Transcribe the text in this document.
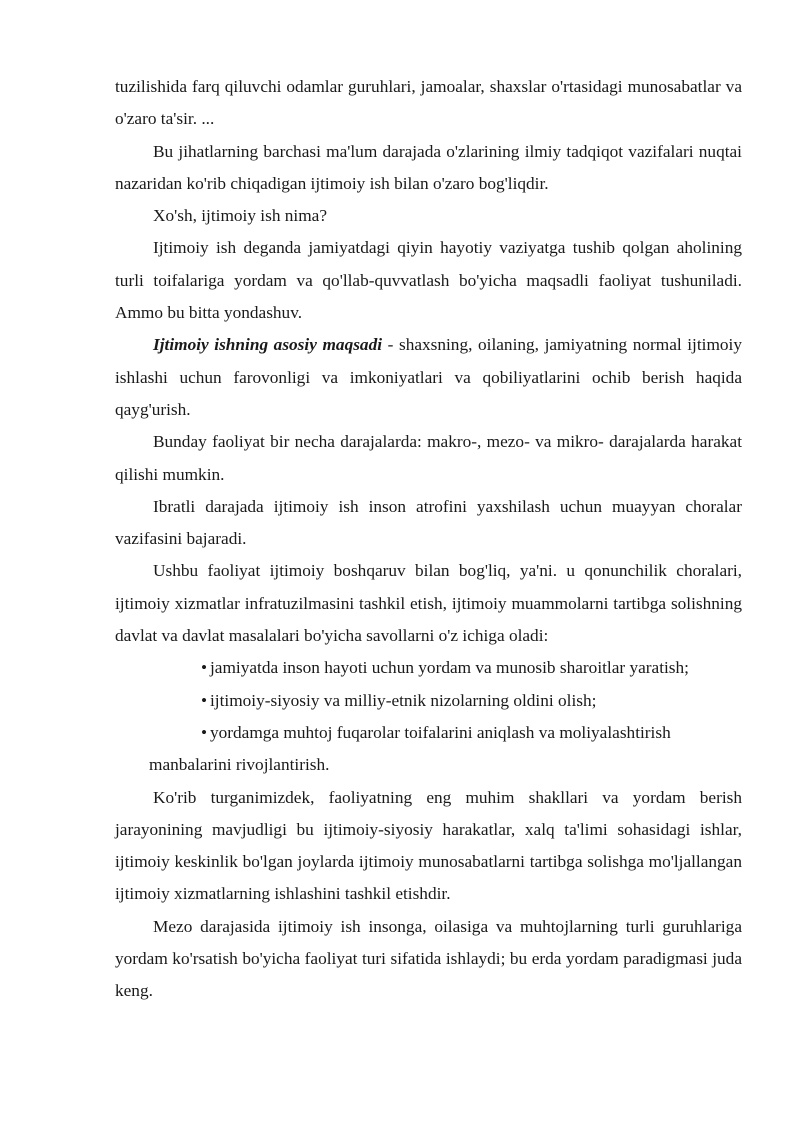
tuzilishida farq qiluvchi odamlar guruhlari, jamoalar, shaxslar o'rtasidagi munosabatlar va o'zaro ta'sir. ...

Bu jihatlarning barchasi ma'lum darajada o'zlarining ilmiy tadqiqot vazifalari nuqtai nazaridan ko'rib chiqadigan ijtimoiy ish bilan o'zaro bog'liqdir.

Xo'sh, ijtimoiy ish nima?

Ijtimoiy ish deganda jamiyatdagi qiyin hayotiy vaziyatga tushib qolgan aholining turli toifalariga yordam va qo'llab-quvvatlash bo'yicha maqsadli faoliyat tushuniladi. Ammo bu bitta yondashuv.

Ijtimoiy ishning asosiy maqsadi - shaxsning, oilaning, jamiyatning normal ijtimoiy ishlashi uchun farovonligi va imkoniyatlari va qobiliyatlarini ochib berish haqida qayg'urish.

Bunday faoliyat bir necha darajalarda: makro-, mezo- va mikro- darajalarda harakat qilishi mumkin.

Ibratli darajada ijtimoiy ish inson atrofini yaxshilash uchun muayyan choralar vazifasini bajaradi.

Ushbu faoliyat ijtimoiy boshqaruv bilan bog'liq, ya'ni. u qonunchilik choralari, ijtimoiy xizmatlar infratuzilmasini tashkil etish, ijtimoiy muammolarni tartibga solishning davlat va davlat masalalari bo'yicha savollarni o'z ichiga oladi:

• jamiyatda inson hayoti uchun yordam va munosib sharoitlar yaratish;
• ijtimoiy-siyosiy va milliy-etnik nizolarning oldini olish;
• yordamga muhtoj fuqarolar toifalarini aniqlash va moliyalashtirish
manbalarini rivojlantirish.

Ko'rib turganimizdek, faoliyatning eng muhim shakllari va yordam berish jarayonining mavjudligi bu ijtimoiy-siyosiy harakatlar, xalq ta'limi sohasidagi ishlar, ijtimoiy keskinlik bo'lgan joylarda ijtimoiy munosabatlarni tartibga solishga mo'ljallangan ijtimoiy xizmatlarning ishlashini tashkil etishdir.

Mezo darajasida ijtimoiy ish insonga, oilasiga va muhtojlarning turli guruhlariga yordam ko'rsatish bo'yicha faoliyat turi sifatida ishlaydi; bu erda yordam paradigmasi juda keng.
